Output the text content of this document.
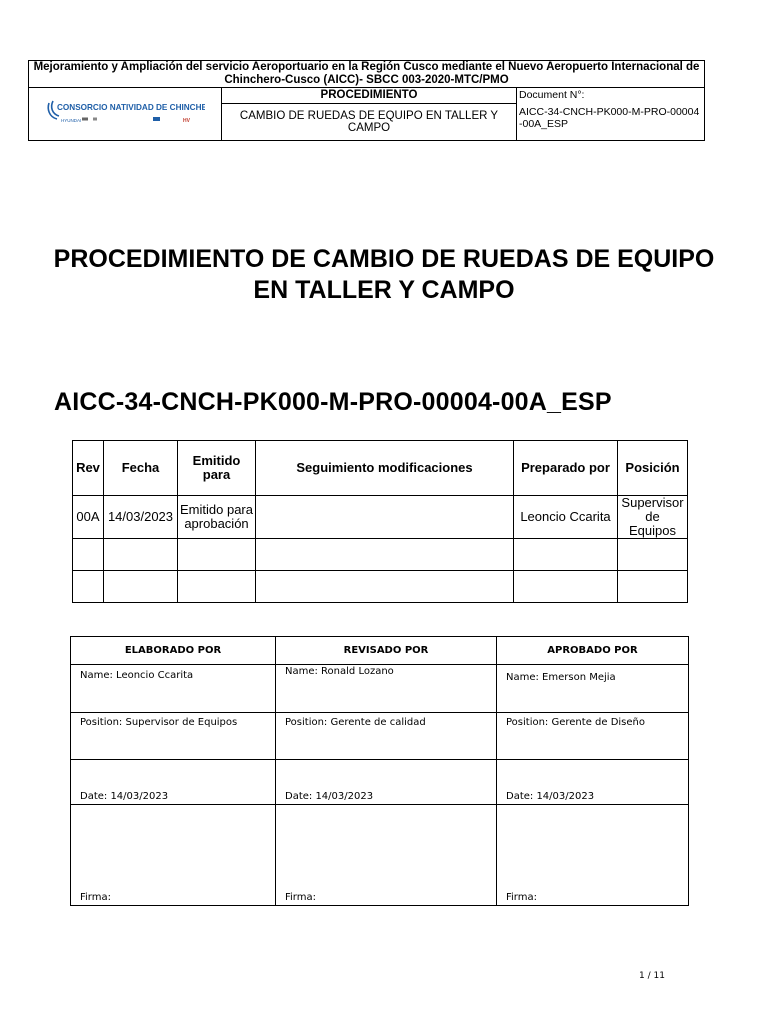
Mejoramiento y Ampliación del servicio Aeroportuario en la Región Cusco mediante el Nuevo Aeropuerto Internacional de Chinchero-Cusco (AICC)- SBCC 003-2020-MTC/PMO

CONSORCIO NATIVIDAD DE CHINCHERO
HYUNDAI	HV

PROCEDIMIENTO
CAMBIO DE RUEDAS DE EQUIPO EN TALLER Y CAMPO

Document N°:
AICC-34-CNCH-PK000-M-PRO-00004-00A_ESP
PROCEDIMIENTO DE CAMBIO DE RUEDAS DE EQUIPO EN TALLER Y CAMPO
AICC-34-CNCH-PK000-M-PRO-00004-00A_ESP
Rev	Fecha	Emitido para	Seguimiento modificaciones	Preparado por	Posición
00A	14/03/2023	Emitido para aprobación		Leoncio Ccarita	Supervisor de Equipos

ELABORADO POR	REVISADO POR	APROBADO POR
Name: Leoncio Ccarita	Name: Ronald Lozano	Name: Emerson Mejia
Position: Supervisor de Equipos	Position: Gerente de calidad	Position: Gerente de Diseño
Date: 14/03/2023	Date: 14/03/2023	Date: 14/03/2023
Firma:	Firma:	Firma:
1 / 11
